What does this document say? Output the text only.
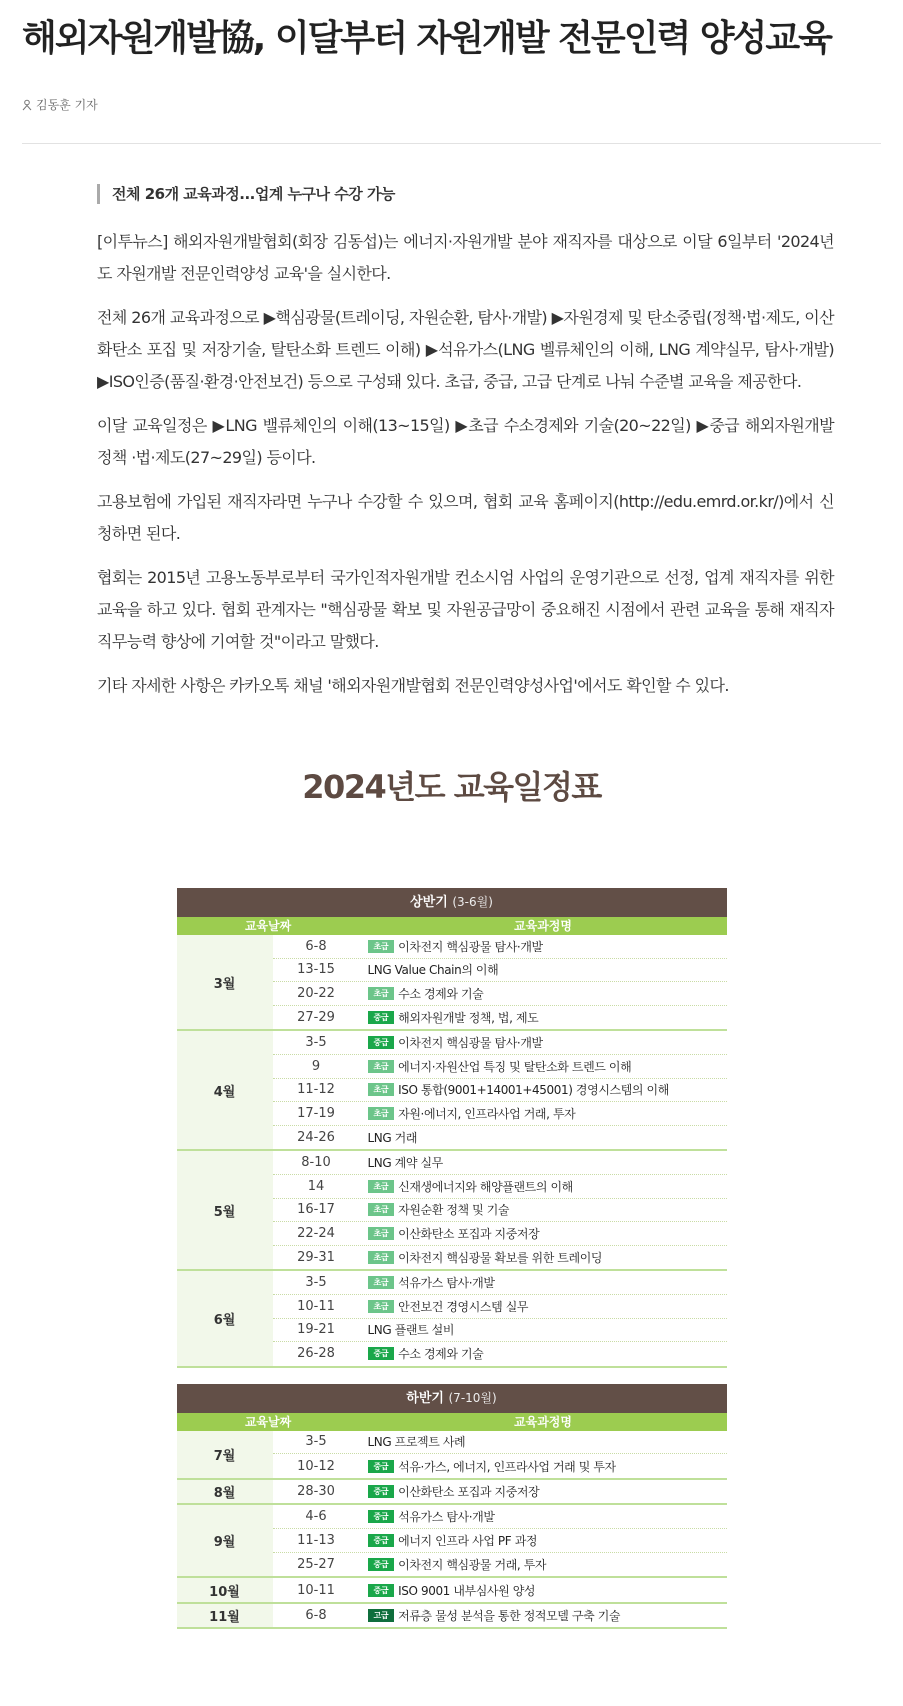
해외자원개발協, 이달부터 자원개발 전문인력 양성교육
김동훈 기자
전체 26개 교육과정...업계 누구나 수강 가능

[이투뉴스] 해외자원개발협회(회장 김동섭)는 에너지·자원개발 분야 재직자를 대상으로 이달 6일부터 '2024년도 자원개발 전문인력양성 교육'을 실시한다.

전체 26개 교육과정으로 ▶핵심광물(트레이딩, 자원순환, 탐사·개발) ▶자원경제 및 탄소중립(정책·법·제도, 이산화탄소 포집 및 저장기술, 탈탄소화 트렌드 이해) ▶석유가스(LNG 벨류체인의 이해, LNG 계약실무, 탐사·개발) ▶ISO인증(품질·환경·안전보건) 등으로 구성돼 있다. 초급, 중급, 고급 단계로 나눠 수준별 교육을 제공한다.

이달 교육일정은 ▶LNG 밸류체인의 이해(13~15일) ▶초급 수소경제와 기술(20~22일) ▶중급 해외자원개발 정책 ·법·제도(27~29일) 등이다.

고용보험에 가입된 재직자라면 누구나 수강할 수 있으며, 협회 교육 홈페이지(http://edu.emrd.or.kr/)에서 신청하면 된다.

협회는 2015년 고용노동부로부터 국가인적자원개발 컨소시엄 사업의 운영기관으로 선정, 업계 재직자를 위한 교육을 하고 있다. 협회 관계자는 "핵심광물 확보 및 자원공급망이 중요해진 시점에서 관련 교육을 통해 재직자 직무능력 향상에 기여할 것"이라고 말했다.

기타 자세한 사항은 카카오톡 채널 '해외자원개발협회 전문인력양성사업'에서도 확인할 수 있다.

2024년도 교육일정표
상반기 (3-6월)
교육날짜	교육과정명
3월
6-8	초급 이차전지 핵심광물 탐사·개발
13-15	LNG Value Chain의 이해
20-22	초급 수소 경제와 기술
27-29	중급 해외자원개발 정책, 법, 제도
4월
3-5	중급 이차전지 핵심광물 탐사·개발
9	초급 에너지·자원산업 특징 및 탈탄소화 트렌드 이해
11-12	초급 ISO 통합(9001+14001+45001) 경영시스템의 이해
17-19	초급 자원·에너지, 인프라사업 거래, 투자
24-26	LNG 거래
5월
8-10	LNG 계약 실무
14	초급 신재생에너지와 해양플랜트의 이해
16-17	초급 자원순환 정책 및 기술
22-24	초급 이산화탄소 포집과 지중저장
29-31	초급 이차전지 핵심광물 확보를 위한 트레이딩
6월
3-5	초급 석유가스 탐사·개발
10-11	초급 안전보건 경영시스템 실무
19-21	LNG 플랜트 설비
26-28	중급 수소 경제와 기술
하반기 (7-10월)
교육날짜	교육과정명
7월
3-5	LNG 프로젝트 사례
10-12	중급 석유·가스, 에너지, 인프라사업 거래 및 투자
8월	28-30	중급 이산화탄소 포집과 지중저장
9월
4-6	중급 석유가스 탐사·개발
11-13	중급 에너지 인프라 사업 PF 과정
25-27	중급 이차전지 핵심광물 거래, 투자
10월	10-11	중급 ISO 9001 내부심사원 양성
11월	6-8	고급 저류층 물성 분석을 통한 정적모델 구축 기술
